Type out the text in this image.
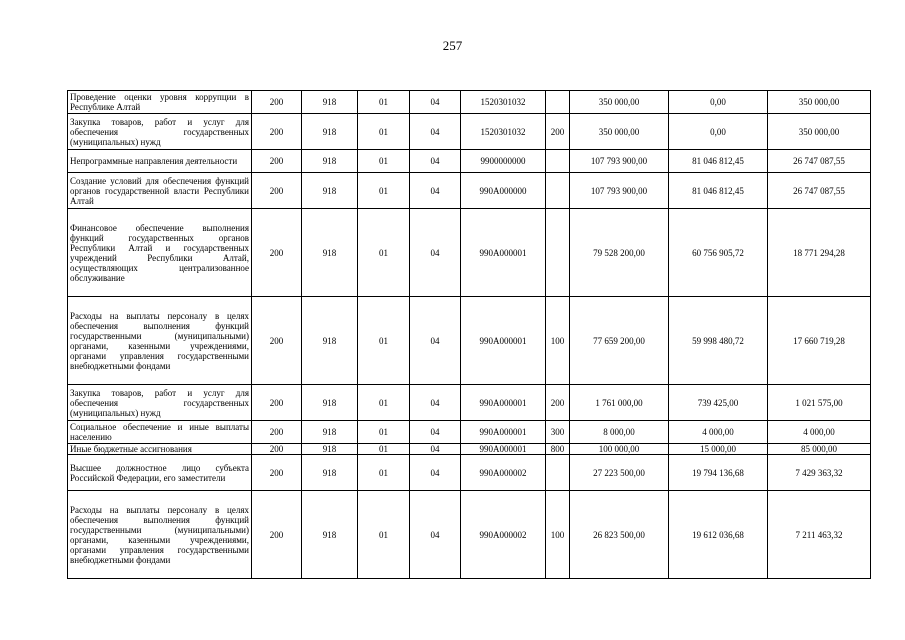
257
Проведение оценки уровня коррупции в Республике Алтай	200	918	01	04	1520301032		350 000,00	0,00	350 000,00
Закупка товаров, работ и услуг для обеспечения государственных (муниципальных) нужд	200	918	01	04	1520301032	200	350 000,00	0,00	350 000,00
Непрограммные направления деятельности	200	918	01	04	9900000000		107 793 900,00	81 046 812,45	26 747 087,55
Создание условий для обеспечения функций органов государственной власти Республики Алтай	200	918	01	04	990А000000		107 793 900,00	81 046 812,45	26 747 087,55
Финансовое обеспечение выполнения функций государственных органов Республики Алтай и государственных учреждений Республики Алтай, осуществляющих централизованное обслуживание	200	918	01	04	990А000001		79 528 200,00	60 756 905,72	18 771 294,28
Расходы на выплаты персоналу в целях обеспечения выполнения функций государственными (муниципальными) органами, казенными учреждениями, органами управления государственными внебюджетными фондами	200	918	01	04	990А000001	100	77 659 200,00	59 998 480,72	17 660 719,28
Закупка товаров, работ и услуг для обеспечения государственных (муниципальных) нужд	200	918	01	04	990А000001	200	1 761 000,00	739 425,00	1 021 575,00
Социальное обеспечение и иные выплаты населению	200	918	01	04	990А000001	300	8 000,00	4 000,00	4 000,00
Иные бюджетные ассигнования	200	918	01	04	990А000001	800	100 000,00	15 000,00	85 000,00
Высшее должностное лицо субъекта Российской Федерации, его заместители	200	918	01	04	990А000002		27 223 500,00	19 794 136,68	7 429 363,32
Расходы на выплаты персоналу в целях обеспечения выполнения функций государственными (муниципальными) органами, казенными учреждениями, органами управления государственными внебюджетными фондами	200	918	01	04	990А000002	100	26 823 500,00	19 612 036,68	7 211 463,32
